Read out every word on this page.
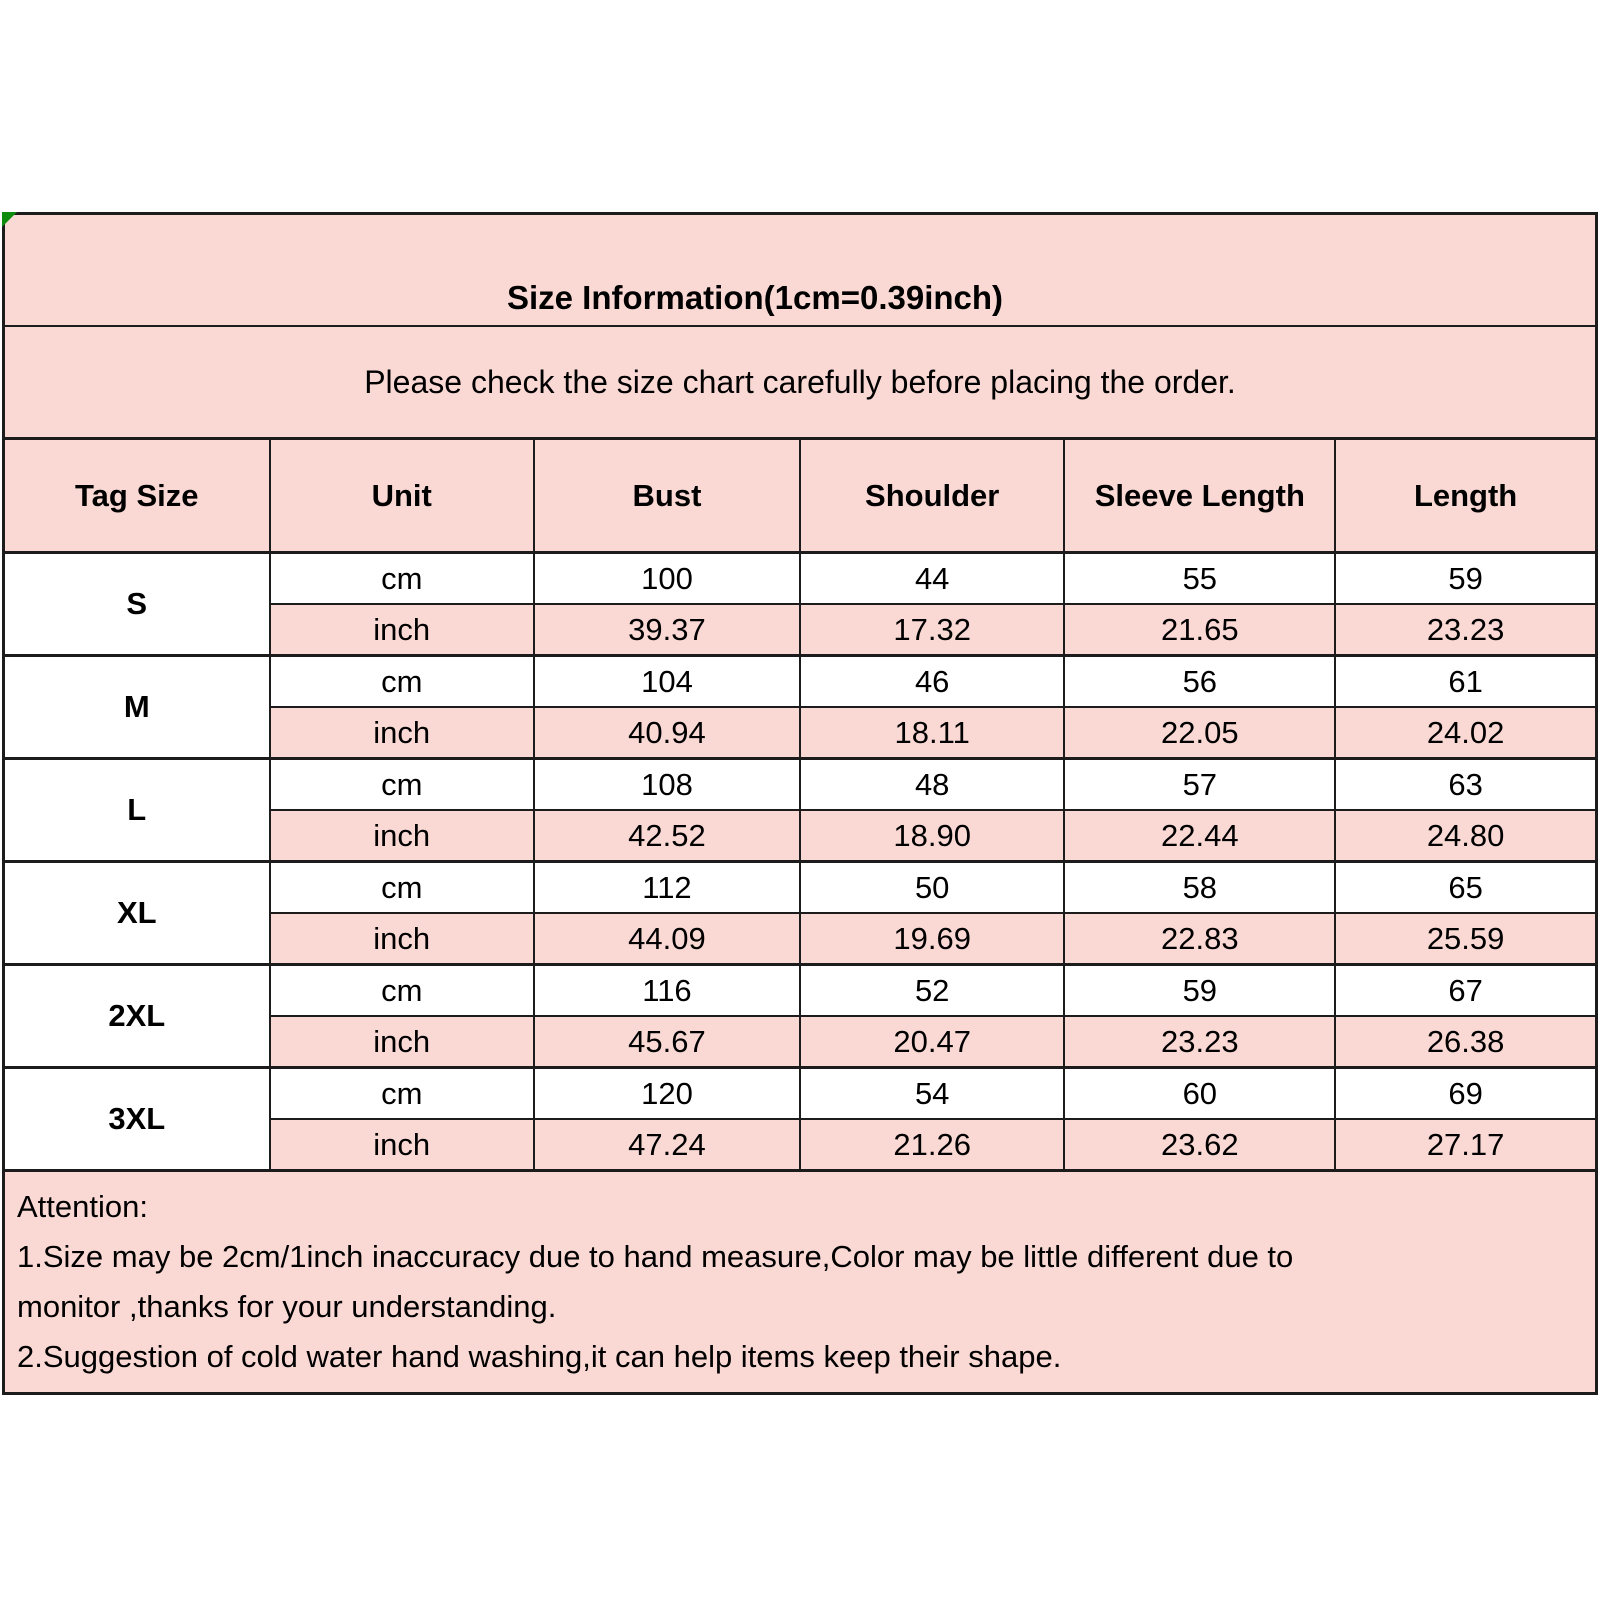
Size Information(1cm=0.39inch)					
Please check the size chart carefully before placing the order.					
Tag Size	Unit	Bust	Shoulder	Sleeve Length	Length
S	cm	100	44	55	59
	inch	39.37	17.32	21.65	23.23
M	cm	104	46	56	61
	inch	40.94	18.11	22.05	24.02
L	cm	108	48	57	63
	inch	42.52	18.90	22.44	24.80
XL	cm	112	50	58	65
	inch	44.09	19.69	22.83	25.59
2XL	cm	116	52	59	67
	inch	45.67	20.47	23.23	26.38
3XL	cm	120	54	60	69
	inch	47.24	21.26	23.62	27.17

Attention:
1.Size may be 2cm/1inch inaccuracy due to hand measure,Color may be little different due to
monitor ,thanks for your understanding.
2.Suggestion of cold water hand washing,it can help items keep their shape.					
